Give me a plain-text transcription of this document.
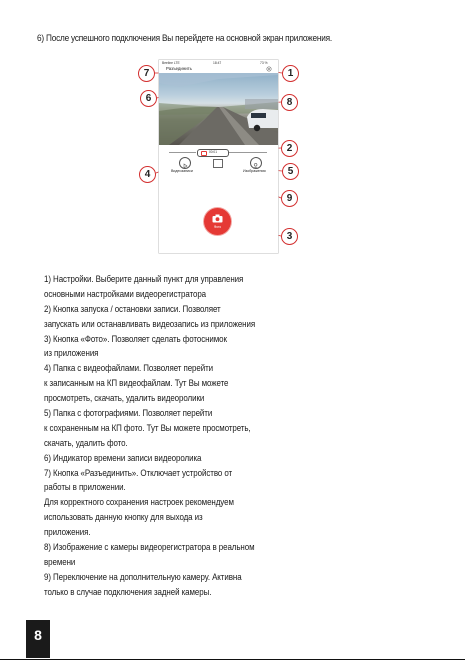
6) После успешного подключения Вы перейдете на основной экран приложения.
Beeline LTE	18:47	73 %
Разъединить
00:01
Видеозаписи	Изображения
Фото
7
6
1
8
2
4	5
9
3
1) Настройки. Выберите данный пункт для управления
основными настройками видеорегистратора
2) Кнопка запуска / остановки записи. Позволяет
запускать или останавливать видеозапись из приложения
3) Кнопка «Фото». Позволяет сделать фотоснимок
из приложения
4) Папка с видеофайлами. Позволяет перейти
к записанным на КП видеофайлам. Тут Вы можете
просмотреть, скачать, удалить видеоролики
5) Папка с фотографиями. Позволяет перейти
к сохраненным на КП фото. Тут Вы можете просмотреть,
скачать, удалить фото.
6) Индикатор времени записи видеоролика
7) Кнопка «Разъединить». Отключает устройство от
работы в приложении.
Для корректного сохранения настроек рекомендуем
использовать данную кнопку для выхода из
приложения.
8) Изображение с камеры видеорегистратора в реальном
времени
9) Переключение на дополнительную камеру. Активна
только в случае подключения задней камеры.
8
